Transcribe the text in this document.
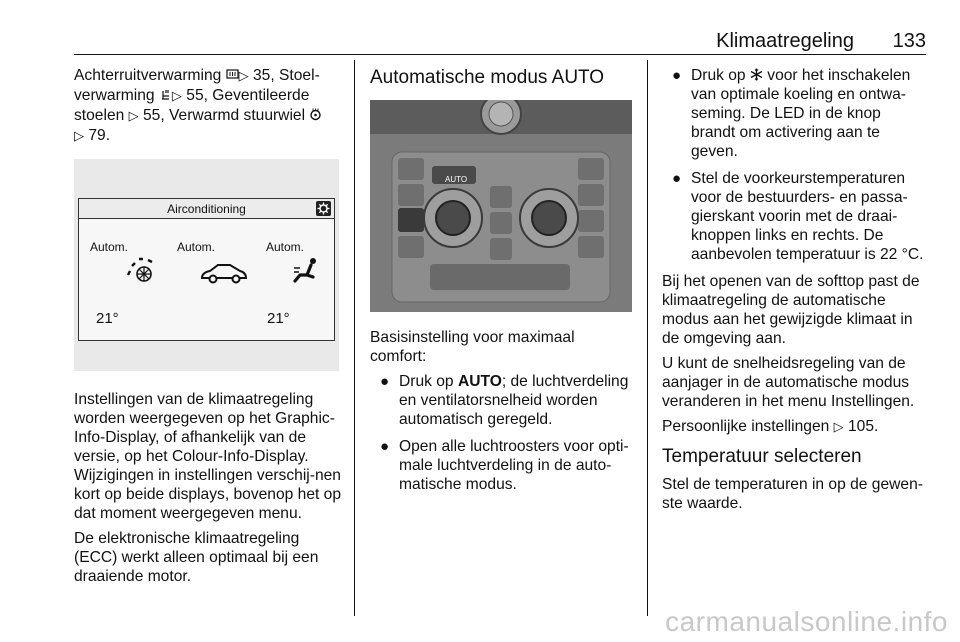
Klimaatregeling 133

Achterruitverwarming ▷ 35, Stoel-verwarming ▷ 55, Geventileerde stoelen ▷ 55, Verwarmd stuurwiel
▷ 79.

Airconditioning
Autom.	Autom.	Autom.
21°	21°

Instellingen van de klimaatregeling worden weergegeven op het Graphic-Info-Display, of afhankelijk van de versie, op het Colour-Info-Display. Wijzigingen in instellingen verschij-nen kort op beide displays, bovenop het op dat moment weergegeven menu.

De elektronische klimaatregeling (ECC) werkt alleen optimaal bij een draaiende motor.

Automatische modus AUTO
AUTO

Basisinstelling voor maximaal comfort:

● Druk op AUTO; de luchtverdeling en ventilatorsnelheid worden automatisch geregeld.
● Open alle luchtroosters voor opti-male luchtverdeling in de auto-matische modus.
● Druk op  voor het inschakelen van optimale koeling en ontwa-seming. De LED in de knop brandt om activering aan te geven.
● Stel de voorkeurstemperaturen voor de bestuurders- en passa-gierskant voorin met de draai-knoppen links en rechts. De aanbevolen temperatuur is 22 °C.

Bij het openen van de softtop past de klimaatregeling de automatische modus aan het gewijzigde klimaat in de omgeving aan.

U kunt de snelheidsregeling van de aanjager in de automatische modus veranderen in het menu Instellingen.

Persoonlijke instellingen ▷ 105.

Temperatuur selecteren

Stel de temperaturen in op de gewen-ste waarde.

carmanualsonline.info
